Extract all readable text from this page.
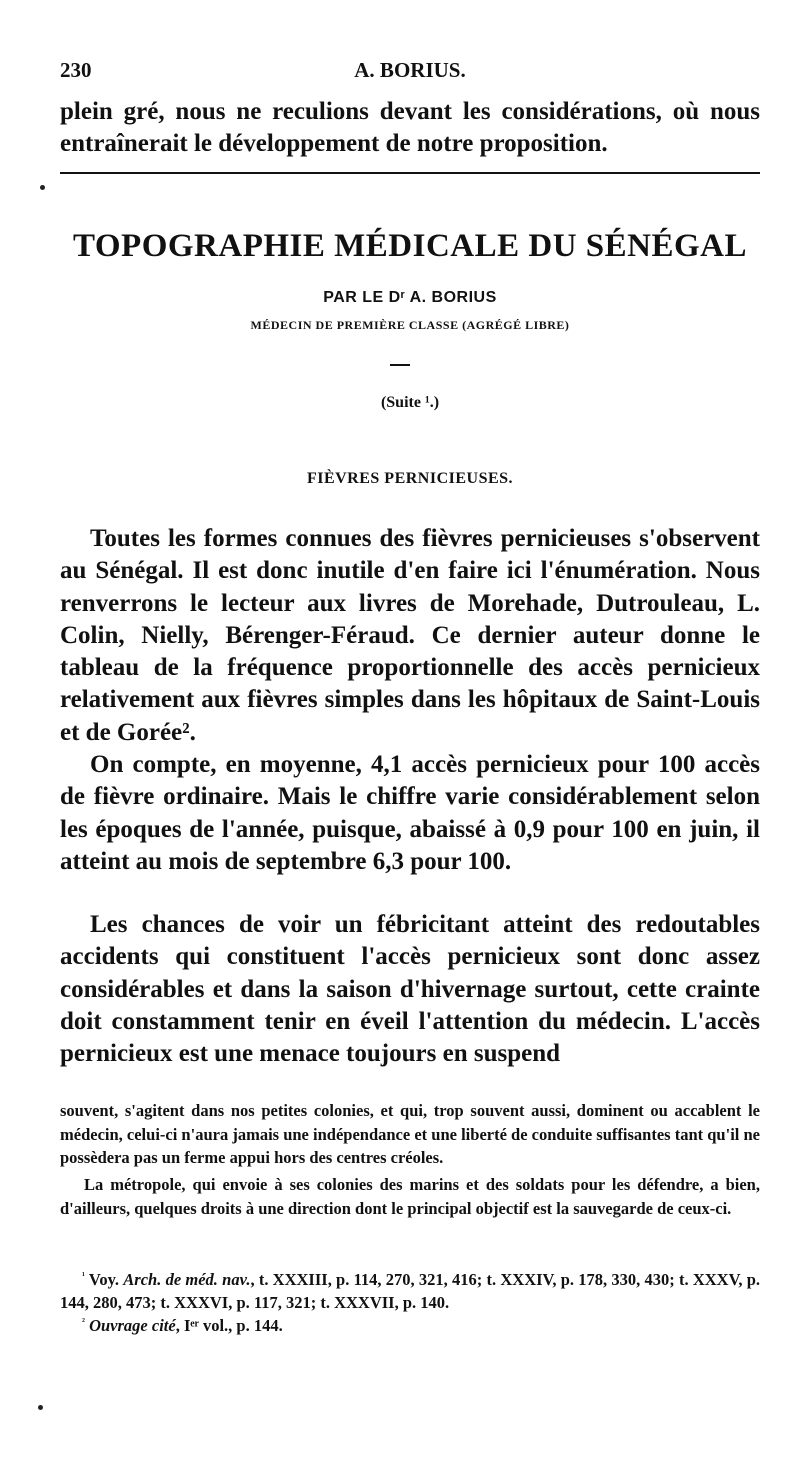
230	A. BORIUS.

plein gré, nous ne reculions devant les considérations, où nous entraînerait le développement de notre proposition.

TOPOGRAPHIE MÉDICALE DU SÉNÉGAL
PAR LE Dʳ A. BORIUS
MÉDECIN DE PREMIÈRE CLASSE (AGRÉGÉ LIBRE)
(Suite ¹.)
FIÈVRES PERNICIEUSES.

Toutes les formes connues des fièvres pernicieuses s'observent au Sénégal. Il est donc inutile d'en faire ici l'énumération. Nous renverrons le lecteur aux livres de Morehade, Dutrouleau, L. Colin, Nielly, Bérenger-Féraud. Ce dernier auteur donne le tableau de la fréquence proportionnelle des accès pernicieux relativement aux fièvres simples dans les hôpitaux de Saint-Louis et de Gorée².

On compte, en moyenne, 4,1 accès pernicieux pour 100 accès de fièvre ordinaire. Mais le chiffre varie considérablement selon les époques de l'année, puisque, abaissé à 0,9 pour 100 en juin, il atteint au mois de septembre 6,3 pour 100.

Les chances de voir un fébricitant atteint des redoutables accidents qui constituent l'accès pernicieux sont donc assez considérables et dans la saison d'hivernage surtout, cette crainte doit constamment tenir en éveil l'attention du médecin. L'accès pernicieux est une menace toujours en suspend

souvent, s'agitent dans nos petites colonies, et qui, trop souvent aussi, dominent ou accablent le médecin, celui-ci n'aura jamais une indépendance et une liberté de conduite suffisantes tant qu'il ne possèdera pas un ferme appui hors des centres créoles.

La métropole, qui envoie à ses colonies des marins et des soldats pour les défendre, a bien, d'ailleurs, quelques droits à une direction dont le principal objectif est la sauvegarde de ceux-ci.

$^{^1}$ Voy. Arch. de méd. nav., t. XXXIII, p. 114, 270, 321, 416; t. XXXIV, p. 178, 330, 430; t. XXXV, p. 144, 280, 473; t. XXXVI, p. 117, 321; t. XXXVII, p. 140.

$^{^2}$ Ouvrage cité, Iᵉʳ vol., p. 144.
